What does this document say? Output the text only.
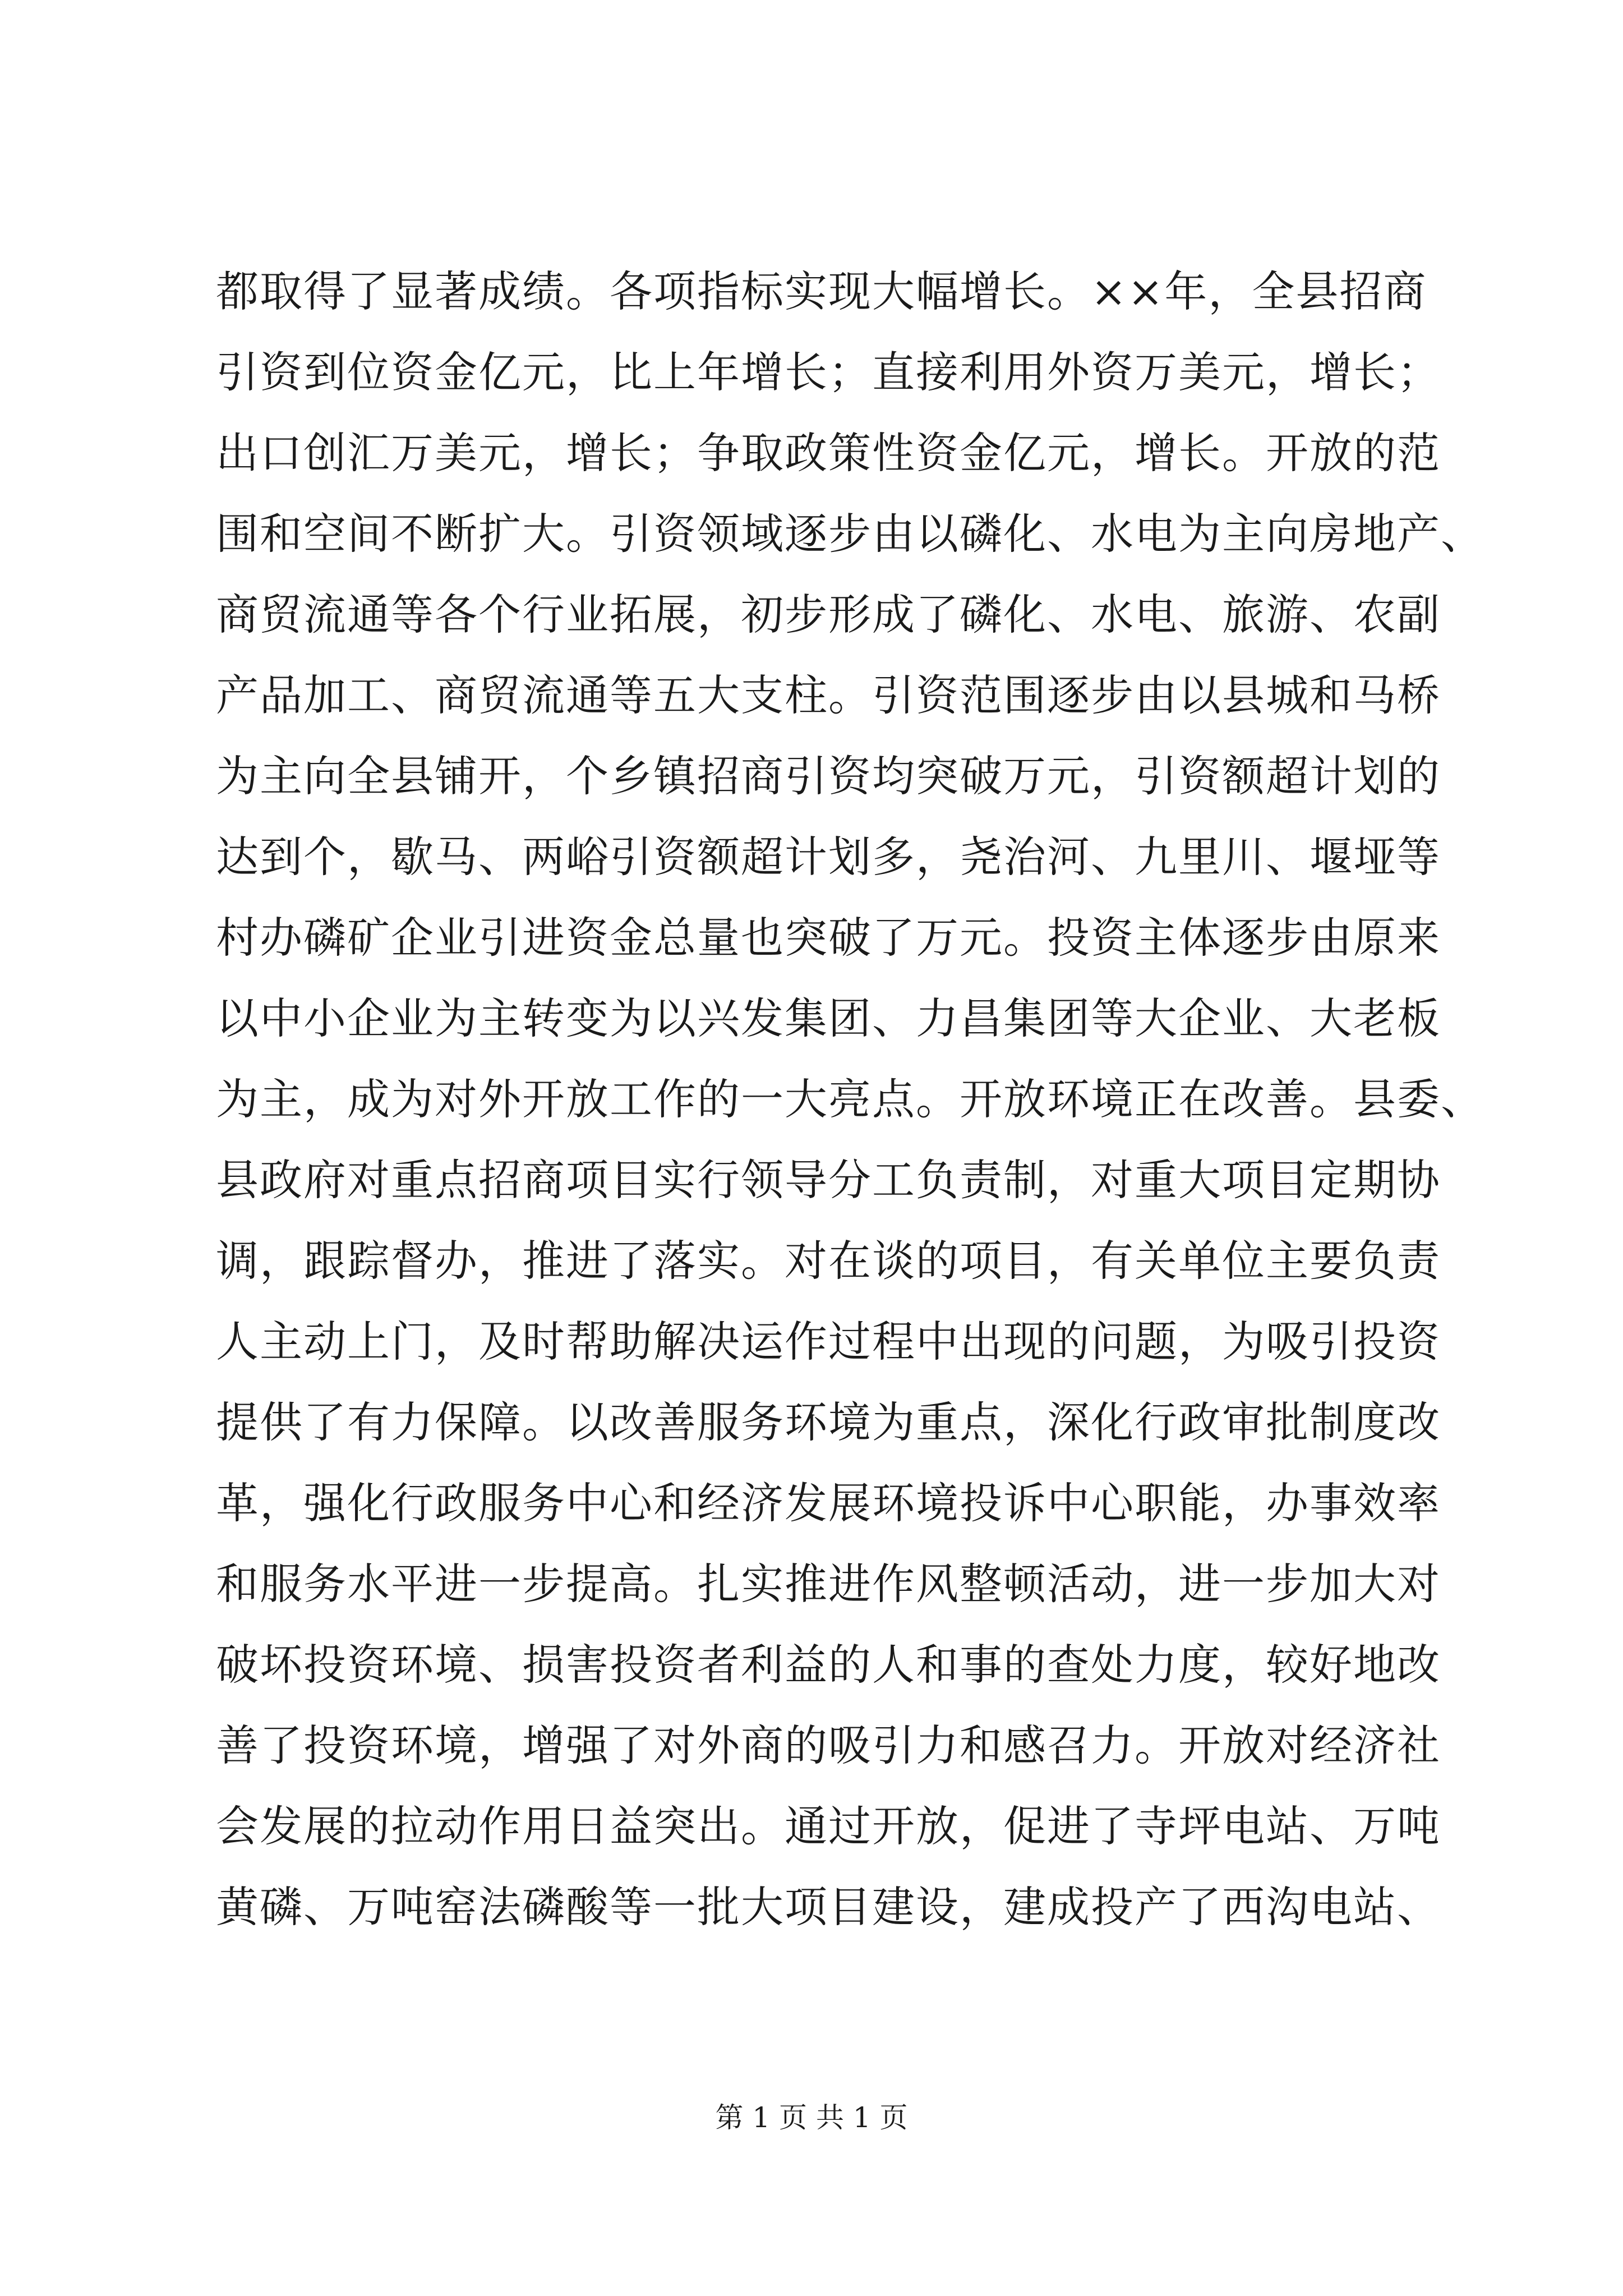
都取得了显著成绩。各项指标实现大幅增长。××年，全县招商
引资到位资金亿元，比上年增长；直接利用外资万美元，增长；
出口创汇万美元，增长；争取政策性资金亿元，增长。开放的范
围和空间不断扩大。引资领域逐步由以磷化、水电为主向房地产、
商贸流通等各个行业拓展，初步形成了磷化、水电、旅游、农副
产品加工、商贸流通等五大支柱。引资范围逐步由以县城和马桥
为主向全县铺开，个乡镇招商引资均突破万元，引资额超计划的
达到个，歇马、两峪引资额超计划多，尧治河、九里川、堰垭等
村办磷矿企业引进资金总量也突破了万元。投资主体逐步由原来
以中小企业为主转变为以兴发集团、力昌集团等大企业、大老板
为主，成为对外开放工作的一大亮点。开放环境正在改善。县委、
县政府对重点招商项目实行领导分工负责制，对重大项目定期协
调，跟踪督办，推进了落实。对在谈的项目，有关单位主要负责
人主动上门，及时帮助解决运作过程中出现的问题，为吸引投资
提供了有力保障。以改善服务环境为重点，深化行政审批制度改
革，强化行政服务中心和经济发展环境投诉中心职能，办事效率
和服务水平进一步提高。扎实推进作风整顿活动，进一步加大对
破坏投资环境、损害投资者利益的人和事的查处力度，较好地改
善了投资环境，增强了对外商的吸引力和感召力。开放对经济社
会发展的拉动作用日益突出。通过开放，促进了寺坪电站、万吨
黄磷、万吨窑法磷酸等一批大项目建设，建成投产了西沟电站、
第 1 页 共 1 页
